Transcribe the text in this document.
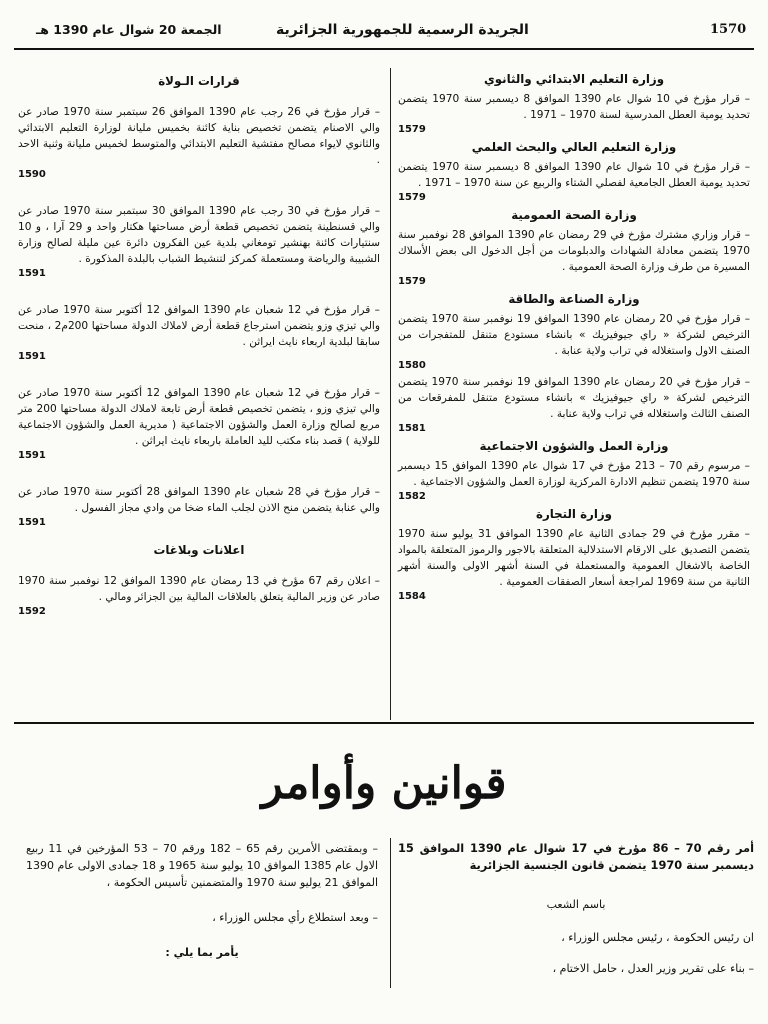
1570
الجريدة الرسمية للجمهورية الجزائرية
الجمعة 20 شوال عام 1390 هـ
وزارة التعليم الابتدائي والثانوي

– قرار مؤرخ في 10 شوال عام 1390 الموافق 8 ديسمبر سنة 1970 يتضمن تحديد يومية العطل المدرسية لسنة 1970 – 1971 .

1579
وزارة التعليم العالي والبحث العلمي

– قرار مؤرخ في 10 شوال عام 1390 الموافق 8 ديسمبر سنة 1970 يتضمن تحديد يومية العطل الجامعية لفصلي الشتاء والربيع عن سنة 1970 – 1971 .

1579
وزارة الصحة العمومية

– قرار وزاري مشترك مؤرخ في 29 رمضان عام 1390 الموافق 28 نوفمبر سنة 1970 يتضمن معادلة الشهادات والدبلومات من أجل الدخول الى بعض الأسلاك المسيرة من طرف وزارة الصحة العمومية .

1579
وزارة الصناعة والطاقة

– قرار مؤرخ في 20 رمضان عام 1390 الموافق 19 نوفمبر سنة 1970 يتضمن الترخيص لشركة « راي جيوفيزيك » بانشاء مستودع متنقل للمتفجرات من الصنف الاول واستغلاله في تراب ولاية عنابة .

1580

– قرار مؤرخ في 20 رمضان عام 1390 الموافق 19 نوفمبر سنة 1970 يتضمن الترخيص لشركة « راي جيوفيزيك » بانشاء مستودع متنقل للمفرقعات من الصنف الثالث واستغلاله في تراب ولاية عنابة .

1581
وزارة العمل والشؤون الاجتماعية

– مرسوم رقم 70 – 213 مؤرخ في 17 شوال عام 1390 الموافق 15 ديسمبر سنة 1970 يتضمن تنظيم الادارة المركزية لوزارة العمل والشؤون الاجتماعية .

1582
وزارة التجارة

– مقرر مؤرخ في 29 جمادى الثانية عام 1390 الموافق 31 يوليو سنة 1970 يتضمن التصديق على الارقام الاستدلالية المتعلقة بالاجور والرموز المتعلقة بالمواد الخاصة بالاشغال العمومية والمستعملة في السنة أشهر الاولى والسنة أشهر الثانية من سنة 1969 لمراجعة أسعار الصفقات العمومية .

1584
قرارات الـولاة

– قرار مؤرخ في 26 رجب عام 1390 الموافق 26 سبتمبر سنة 1970 صادر عن والي الاصنام يتضمن تخصيص بناية كائنة بخميس مليانة لوزارة التعليم الابتدائي والثانوي لايواء مصالح مفتشية التعليم الابتدائي والمتوسط لخميس مليانة وثنية الاحد .

1590

– قرار مؤرخ في 30 رجب عام 1390 الموافق 30 سبتمبر سنة 1970 صادر عن والي قسنطينة يتضمن تخصيص قطعة أرض مساحتها هكتار واحد و 29 آرا ، و 10 سنتيارات كائنة بهنشير تومغاني بلدية عين الفكرون دائرة عين مليلة لصالح وزارة الشبيبة والرياضة ومستعملة كمركز لتنشيط الشباب بالبلدة المذكورة .

1591

– قرار مؤرخ في 12 شعبان عام 1390 الموافق 12 أكتوبر سنة 1970 صادر عن والي تيزي وزو يتضمن استرجاع قطعة أرض لاملاك الدولة مساحتها 200م2 ، منحت سابقا لبلدية اربعاء نايث ايراثن .

1591

– قرار مؤرخ في 12 شعبان عام 1390 الموافق 12 أكتوبر سنة 1970 صادر عن والي تيزي وزو ، يتضمن تخصيص قطعة أرض تابعة لاملاك الدولة مساحتها 200 متر مربع لصالح وزارة العمل والشؤون الاجتماعية ( مديرية العمل والشؤون الاجتماعية للولاية ) قصد بناء مكتب لليد العاملة باربعاء نايث ايراثن .

1591

– قرار مؤرخ في 28 شعبان عام 1390 الموافق 28 أكتوبر سنة 1970 صادر عن والي عنابة يتضمن منح الاذن لجلب الماء ضخا من وادي مجاز الفسول .

1591
اعلانات وبلاغات

– اعلان رقم 67 مؤرخ في 13 رمضان عام 1390 الموافق 12 نوفمبر سنة 1970 صادر عن وزير المالية يتعلق بالعلاقات المالية بين الجزائر ومالي .

1592
قوانين وأوامر

أمر رقم 70 – 86 مؤرخ في 17 شوال عام 1390 الموافق 15 ديسمبر سنة 1970 يتضمن قانون الجنسية الجزائرية

باسم الشعب

ان رئيس الحكومة ، رئيس مجلس الوزراء ،

– بناء على تقرير وزير العدل ، حامل الاختام ،

– وبمقتضى الأمرين رقم 65 – 182 ورقم 70 – 53 المؤرخين في 11 ربيع الاول عام 1385 الموافق 10 يوليو سنة 1965 و 18 جمادى الاولى عام 1390 الموافق 21 يوليو سنة 1970 والمتضمنين تأسيس الحكومة ،

– وبعد استطلاع رأي مجلس الوزراء ،

يأمر بما يلي :
